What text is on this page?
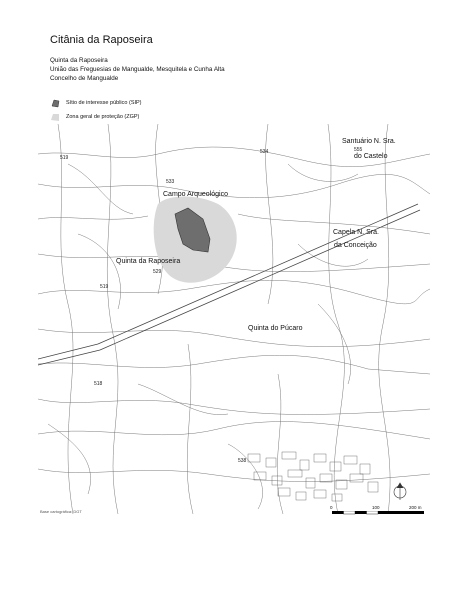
Citânia da Raposeira
Quinta da Raposeira
União das Freguesias de Mangualde, Mesquitela e Cunha Alta
Concelho de Mangualde
Sítio de interesse público (SIP)
Zona geral de proteção (ZGP)
Santuário N. Sra.
do Castelo
Campo Arqueológico
Capela N. Sra.
da Conceição
Quinta da Raposeira
Quinta do Púcaro
519
533
534	555
529
519
518
538
0	100	200 m
Base cartográfica: DGT
